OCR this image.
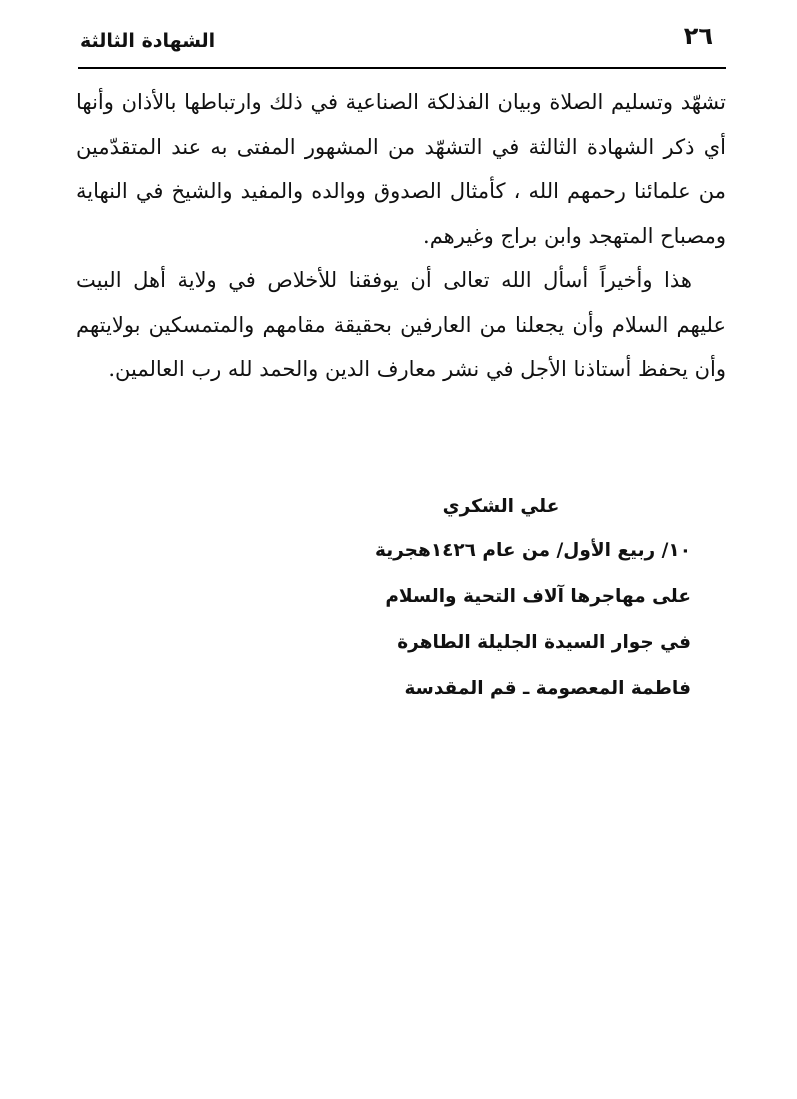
الشهادة الثالثة	٢٦

تشهّد وتسليم الصلاة وبيان الفذلكة الصناعية في ذلك وارتباطها بالأذان وأنها أي ذكر الشهادة الثالثة في التشهّد من المشهور المفتى به عند المتقدّمين من علمائنا رحمهم الله ، كأمثال الصدوق ووالده والمفيد والشيخ في النهاية ومصباح المتهجد وابن براج وغيرهم.

هذا وأخيراً أسأل الله تعالى أن يوفقنا للأخلاص في ولاية أهل البيت عليهم السلام وأن يجعلنا من العارفين بحقيقة مقامهم والمتمسكين بولايتهم وأن يحفظ أستاذنا الأجل في نشر معارف الدين والحمد لله رب العالمين.

علي الشكري
١٠/ ربيع الأول/ من عام ١٤٢٦هجرية
على مهاجرها آلاف التحية والسلام
في جوار السيدة الجليلة الطاهرة
فاطمة المعصومة ـ قم المقدسة
